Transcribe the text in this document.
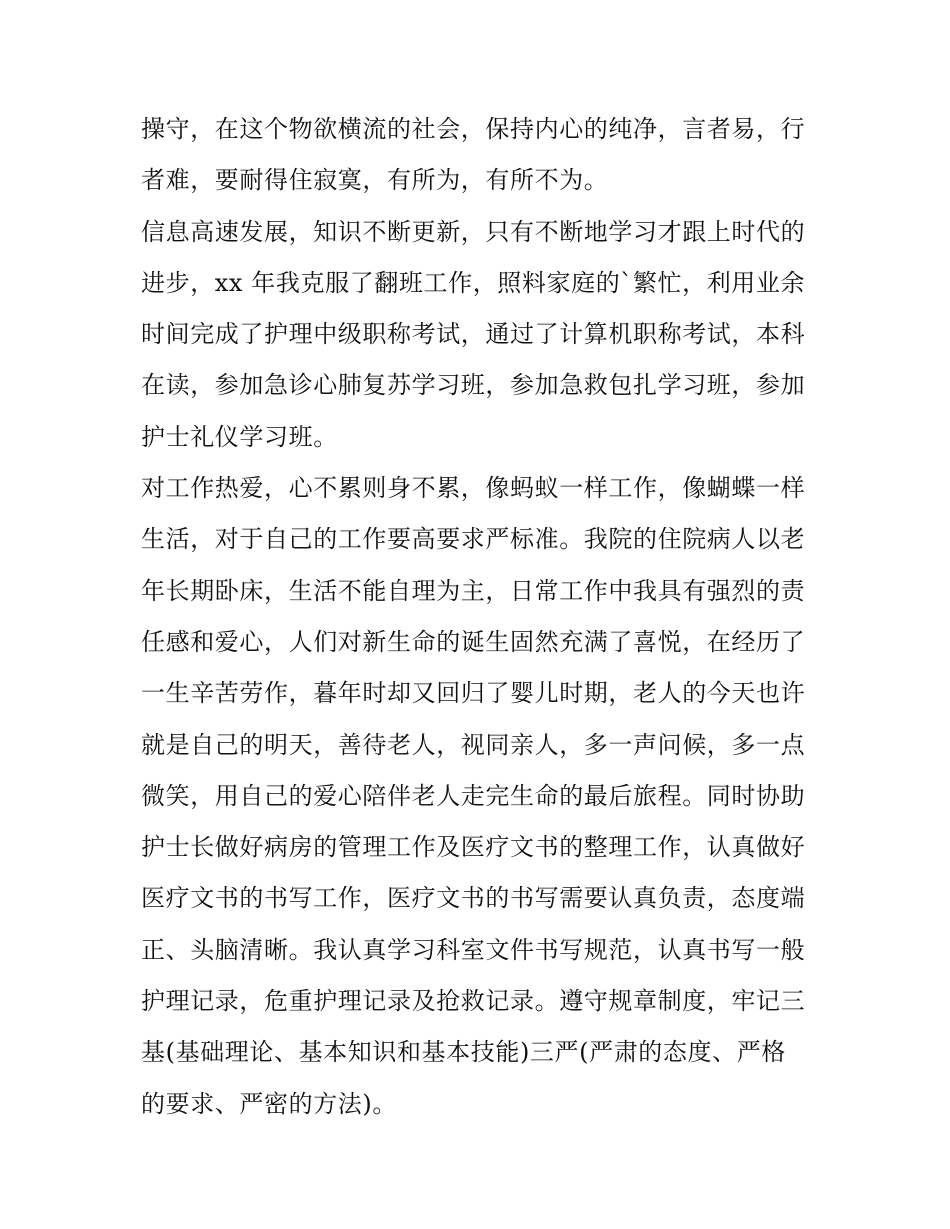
操守，在这个物欲横流的社会，保持内心的纯净，言者易，行
者难，要耐得住寂寞，有所为，有所不为。
信息高速发展，知识不断更新，只有不断地学习才跟上时代的
进步，xx 年我克服了翻班工作，照料家庭的`繁忙，利用业余
时间完成了护理中级职称考试，通过了计算机职称考试，本科
在读，参加急诊心肺复苏学习班，参加急救包扎学习班，参加
护士礼仪学习班。
对工作热爱，心不累则身不累，像蚂蚁一样工作，像蝴蝶一样
生活，对于自己的工作要高要求严标准。我院的住院病人以老
年长期卧床，生活不能自理为主，日常工作中我具有强烈的责
任感和爱心，人们对新生命的诞生固然充满了喜悦，在经历了
一生辛苦劳作，暮年时却又回归了婴儿时期，老人的今天也许
就是自己的明天，善待老人，视同亲人，多一声问候，多一点
微笑，用自己的爱心陪伴老人走完生命的最后旅程。同时协助
护士长做好病房的管理工作及医疗文书的整理工作，认真做好
医疗文书的书写工作，医疗文书的书写需要认真负责，态度端
正、头脑清晰。我认真学习科室文件书写规范，认真书写一般
护理记录，危重护理记录及抢救记录。遵守规章制度，牢记三
基(基础理论、基本知识和基本技能)三严(严肃的态度、严格
的要求、严密的方法)。
